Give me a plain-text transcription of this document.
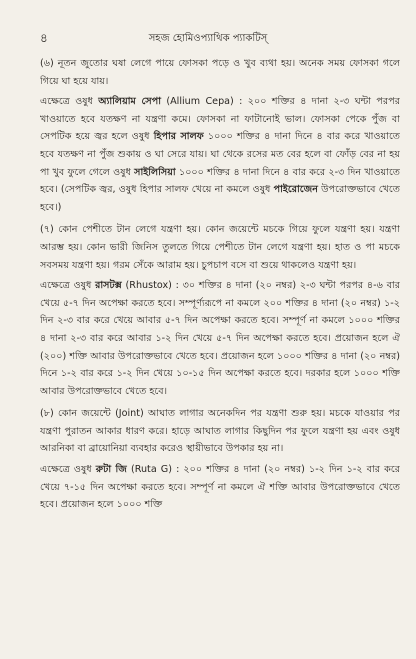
৪	সহজ হোমিওপ্যাথিক প্যাকটিস্

(৬) নূতন জুতোর ঘষা লেগে পায়ে ফোসকা পড়ে ও খুব ব্যথা হয়। অনেক সময় ফোসকা গলে গিয়ে ঘা হয়ে যায়।

এক্ষেত্রে ওষুধ অ্যালিয়াম সেপা (Allium Cepa) : ২০০ শক্তির ৪ দানা ২-৩ ঘন্টা পরপর খাওয়াতে হবে যতক্ষণ না যন্ত্রণা কমে। ফোসকা না ফাটানোই ভাল। ফোসকা পেকে পুঁজ বা সেপটিক হয়ে জ্বর হলে ওষুধ হিপার সালফ ১০০০ শক্তির ৪ দানা দিনে ৪ বার করে খাওয়াতে হবে যতক্ষণ না পুঁজ শুকায় ও ঘা সেরে যায়। ঘা থেকে রসের মত বের হলে বা ফোঁড় বের না হয় পা খুব ফুলে গেলে ওষুধ সাইলিসিয়া ১০০০ শক্তির ৪ দানা দিনে ৪ বার করে ২-৩ দিন খাওয়াতে হবে। (সেপটিক জ্বর, ওষুধ হিপার সালফ খেয়ে না কমলে ওষুধ পাইরোজেন উপরোক্তভাবে খেতে হবে।)

(৭) কোন পেশীতে টান লেগে যন্ত্রণা হয়। কোন জয়েন্টে মচকে গিয়ে ফুলে যন্ত্রণা হয়। যন্ত্রণা আরম্ভ হয়। কোন ভারী জিনিস তুলতে গিয়ে পেশীতে টান লেগে যন্ত্রণা হয়। হাত ও পা মচকে সবসময় যন্ত্রণা হয়। গরম সেঁকে আরাম হয়। চুপচাপ বসে বা শুয়ে থাকলেও যন্ত্রণা হয়।

এক্ষেত্রে ওষুধ রাসটক্স (Rhustox) : ৩০ শক্তির ৪ দানা (২০ নম্বর) ২-৩ ঘন্টা পরপর ৪-৬ বার খেয়ে ৫-৭ দিন অপেক্ষা করতে হবে। সম্পূর্ণ্যরূপে না কমলে ২০০ শক্তির ৪ দানা (২০ নম্বর) ১-২ দিন ২-৩ বার করে খেয়ে আবার ৫-৭ দিন অপেক্ষা করতে হবে। সম্পূর্ণ না কমলে ১০০০ শক্তির ৪ দানা ২-৩ বার করে আবার ১-২ দিন খেয়ে ৫-৭ দিন অপেক্ষা করতে হবে। প্রয়োজন হলে ঐ (২০০) শক্তি আবার উপরোক্তভাবে খেতে হবে। প্রয়োজন হলে ১০০০ শক্তির ৪ দানা (২০ নম্বর) দিনে ১-২ বার করে ১-২ দিন খেয়ে ১০-১৫ দিন অপেক্ষা করতে হবে। দরকার হলে ১০০০ শক্তি আবার উপরোক্তভাবে খেতে হবে।

(৮) কোন জয়েন্টে (Joint) আঘাত লাগার অনেকদিন পর যন্ত্রণা শুরু হয়। মচকে যাওয়ার পর যন্ত্রণা পুরাতন আকার ধারণ করে। হাড়ে আঘাত লাগার কিছুদিন পর ফুলে যন্ত্রণা হয় এবং ওষুধ আরনিকা বা ব্রায়োনিয়া ব্যবহার করেও স্থায়ীভাবে উপকার হয় না।

এক্ষেত্রে ওষুধ রুটা জি (Ruta G) : ২০০ শক্তির ৪ দানা (২০ নম্বর) ১-২ দিন ১-২ বার করে খেয়ে ৭-১৫ দিন অপেক্ষা করতে হবে। সম্পূর্ণ না কমলে ঐ শক্তি আবার উপরোক্তভাবে খেতে হবে। প্রয়োজন হলে ১০০০ শক্তি
